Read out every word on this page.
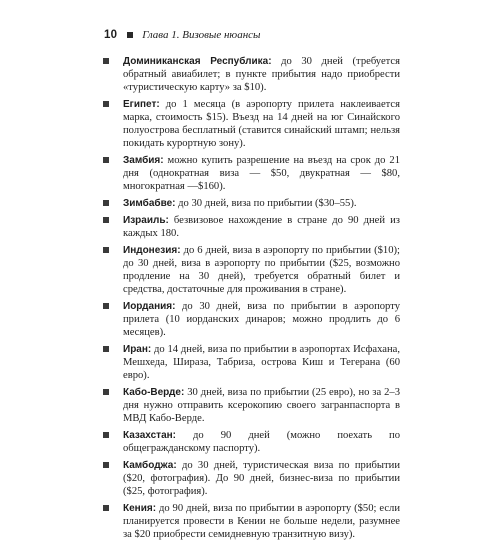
10 Глава 1. Визовые нюансы
Доминиканская Республика: до 30 дней (требуется обратный авиабилет; в пункте прибытия надо приобрести «туристическую карту» за $10).
Египет: до 1 месяца (в аэропорту прилета наклеивается марка, стоимость $15). Въезд на 14 дней на юг Синайского полуострова бесплатный (ставится синайский штамп; нельзя покидать курортную зону).
Замбия: можно купить разрешение на въезд на срок до 21 дня (однократная виза — $50, двукратная — $80, многократная —$160).
Зимбабве: до 30 дней, виза по прибытии ($30–55).
Израиль: безвизовое нахождение в стране до 90 дней из каждых 180.
Индонезия: до 6 дней, виза в аэропорту по прибытии ($10); до 30 дней, виза в аэропорту по прибытии ($25, возможно продление на 30 дней), требуется обратный билет и средства, достаточные для проживания в стране).
Иордания: до 30 дней, виза по прибытии в аэропорту прилета (10 иорданских динаров; можно продлить до 6 месяцев).
Иран: до 14 дней, виза по прибытии в аэропортах Исфахана, Мешхеда, Шираза, Табриза, острова Киш и Тегерана (60 евро).
Кабо-Верде: 30 дней, виза по прибытии (25 евро), но за 2–3 дня нужно отправить ксерокопию своего загранпаспорта в МВД Кабо-Верде.
Казахстан: до 90 дней (можно поехать по общегражданскому паспорту).
Камбоджа: до 30 дней, туристическая виза по прибытии ($20, фотография). До 90 дней, бизнес-виза по прибытии ($25, фотография).
Кения: до 90 дней, виза по прибытии в аэропорту ($50; если планируется провести в Кении не больше недели, разумнее за $20 приобрести семидневную транзитную визу).
